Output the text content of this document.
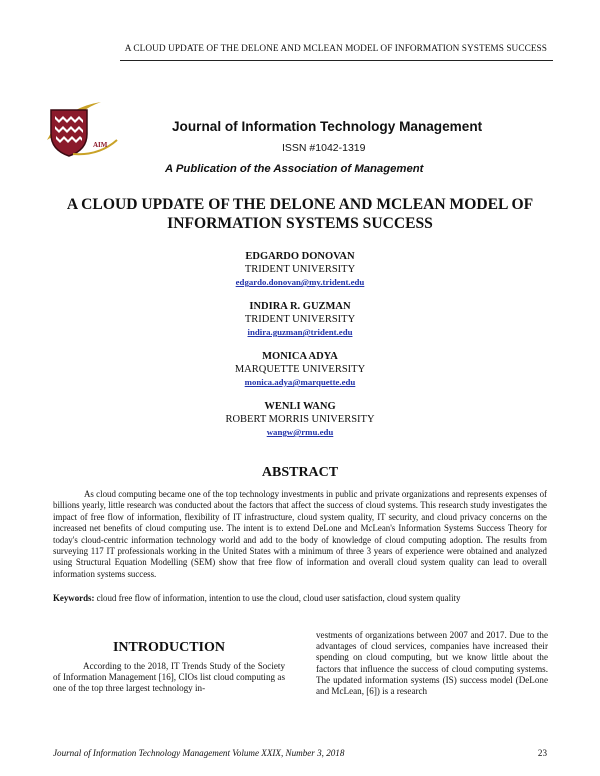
A CLOUD UPDATE OF THE DELONE AND MCLEAN MODEL OF INFORMATION SYSTEMS SUCCESS
AIM
Journal of Information Technology Management
ISSN #1042-1319
A Publication of the Association of Management
A CLOUD UPDATE OF THE DELONE AND MCLEAN MODEL OF INFORMATION SYSTEMS SUCCESS
EDGARDO DONOVAN
TRIDENT UNIVERSITY
edgardo.donovan@my.trident.edu
INDIRA R. GUZMAN
TRIDENT UNIVERSITY
indira.guzman@trident.edu
MONICA ADYA
MARQUETTE UNIVERSITY
monica.adya@marquette.edu
WENLI WANG
ROBERT MORRIS UNIVERSITY
wangw@rmu.edu
ABSTRACT

As cloud computing became one of the top technology investments in public and private organizations and represents expenses of billions yearly, little research was conducted about the factors that affect the success of cloud systems. This research study investigates the impact of free flow of information, flexibility of IT infrastructure, cloud system quality, IT security, and cloud privacy concerns on the increased net benefits of cloud computing use. The intent is to extend DeLone and McLean's Information Systems Success Theory for today's cloud-centric information technology world and add to the body of knowledge of cloud computing adoption. The results from surveying 117 IT professionals working in the United States with a minimum of three 3 years of experience were obtained and analyzed using Structural Equation Modelling (SEM) show that free flow of information and overall cloud system quality can lead to overall information systems success.

Keywords: cloud free flow of information, intention to use the cloud, cloud user satisfaction, cloud system quality

INTRODUCTION

According to the 2018, IT Trends Study of the Society of Information Management [16], CIOs list cloud computing as one of the top three largest technology in-

vestments of organizations between 2007 and 2017. Due to the advantages of cloud services, companies have increased their spending on cloud computing, but we know little about the factors that influence the success of cloud computing systems. The updated information systems (IS) success model (DeLone and McLean, [6]) is a research

Journal of Information Technology Management Volume XXIX, Number 3, 2018	23
